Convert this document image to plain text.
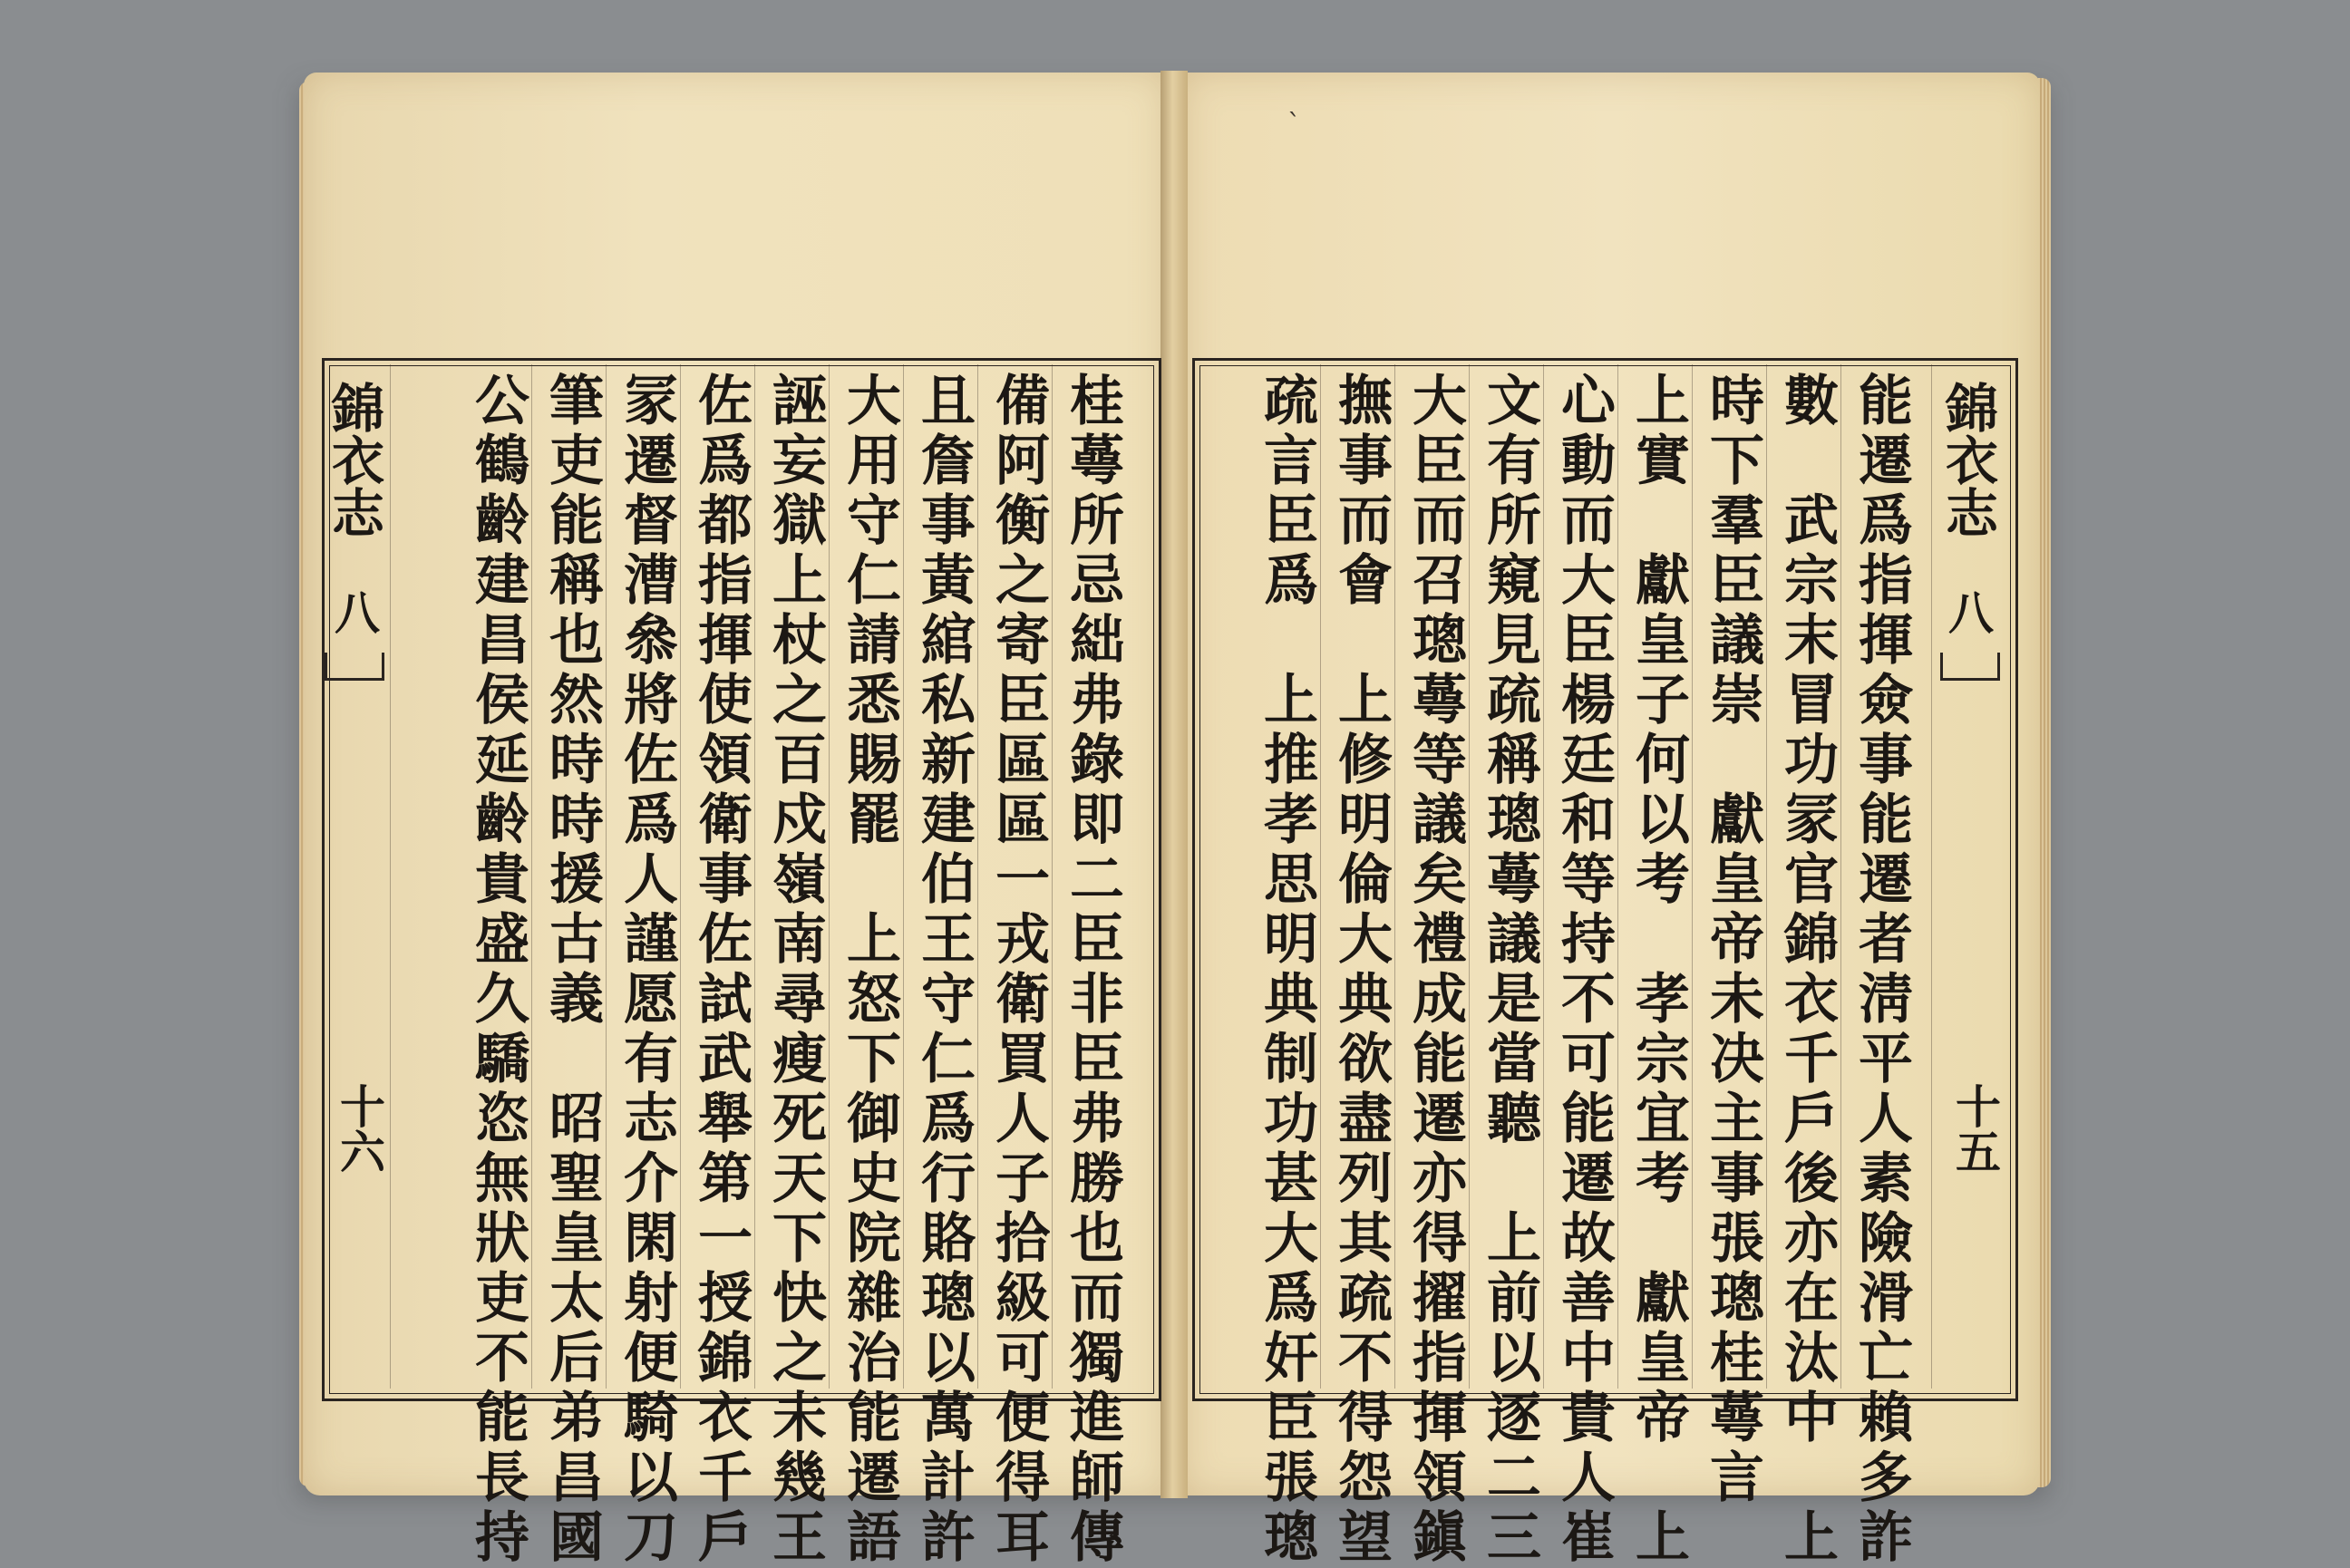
ˋ
錦衣志
八
十六	桂蕚所忌絀弗錄即二臣非臣弗勝也而獨進師傳
備阿衡之寄臣區區一戎衛買人子拾級可便得耳
且詹事黃綰私新建伯王守仁爲行賂璁以萬計許
大用守仁請悉賜罷　上怒下御史院雜治能遷語
誣妄獄上杖之百戍嶺南尋瘦死天下快之未幾王
佐爲都指揮使領衛事佐試武舉第一授錦衣千戶
冡遷督漕叅將佐爲人謹愿有志介閑射便騎以刀
筆吏能稱也然時時援古義　昭聖皇太后弟昌國
公鶴齡建昌侯延齡貴盛久驕恣無狀吏不能長持	錦衣志
八
十五
能遷爲指揮僉事能遷者淸平人素險滑亡賴多詐
數　武宗末冒功冡官錦衣千戶後亦在汰中　上
時下羣臣議崇　獻皇帝未决主事張璁桂蕚言
上實　獻皇子何以考　孝宗宜考　獻皇帝　上
心動而大臣楊廷和等持不可能遷故善中貴人崔
文有所窺見疏稱璁蕚議是當聽　上前以逐二三
大臣而召璁蕚等議矣禮成能遷亦得擢指揮領鎭
撫事而會　上修明倫大典欲盡列其疏不得怨望
疏言臣爲　上推孝思明典制功甚大爲奸臣張璁
